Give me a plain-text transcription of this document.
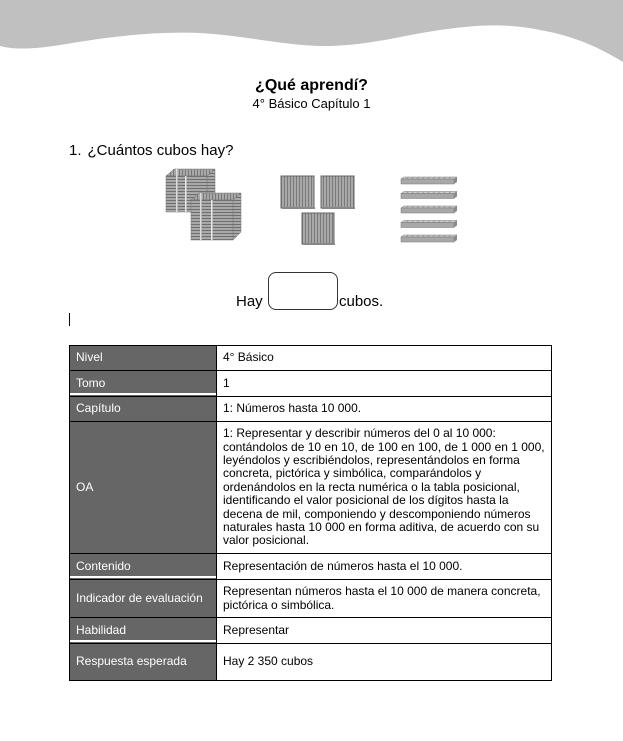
¿Qué aprendí?
4° Básico Capítulo 1
1. ¿Cuántos cubos hay?
Hay	cubos.
Nivel	4° Básico
Tomo	1
Capítulo	1: Números hasta 10 000.
OA	1: Representar y describir números del 0 al 10 000: contándolos de 10 en 10, de 100 en 100, de 1 000 en 1 000, leyéndolos y escribiéndolos, representándolos en forma concreta, pictórica y simbólica, comparándolos y ordenándolos en la recta numérica o la tabla posicional, identificando el valor posicional de los dígitos hasta la decena de mil, componiendo y descomponiendo números naturales hasta 10 000 en forma aditiva, de acuerdo con su valor posicional.
Contenido	Representación de números hasta el 10 000.
Indicador de evaluación	Representan números hasta el 10 000 de manera concreta, pictórica o simbólica.
Habilidad	Representar
Respuesta esperada	Hay 2 350 cubos
